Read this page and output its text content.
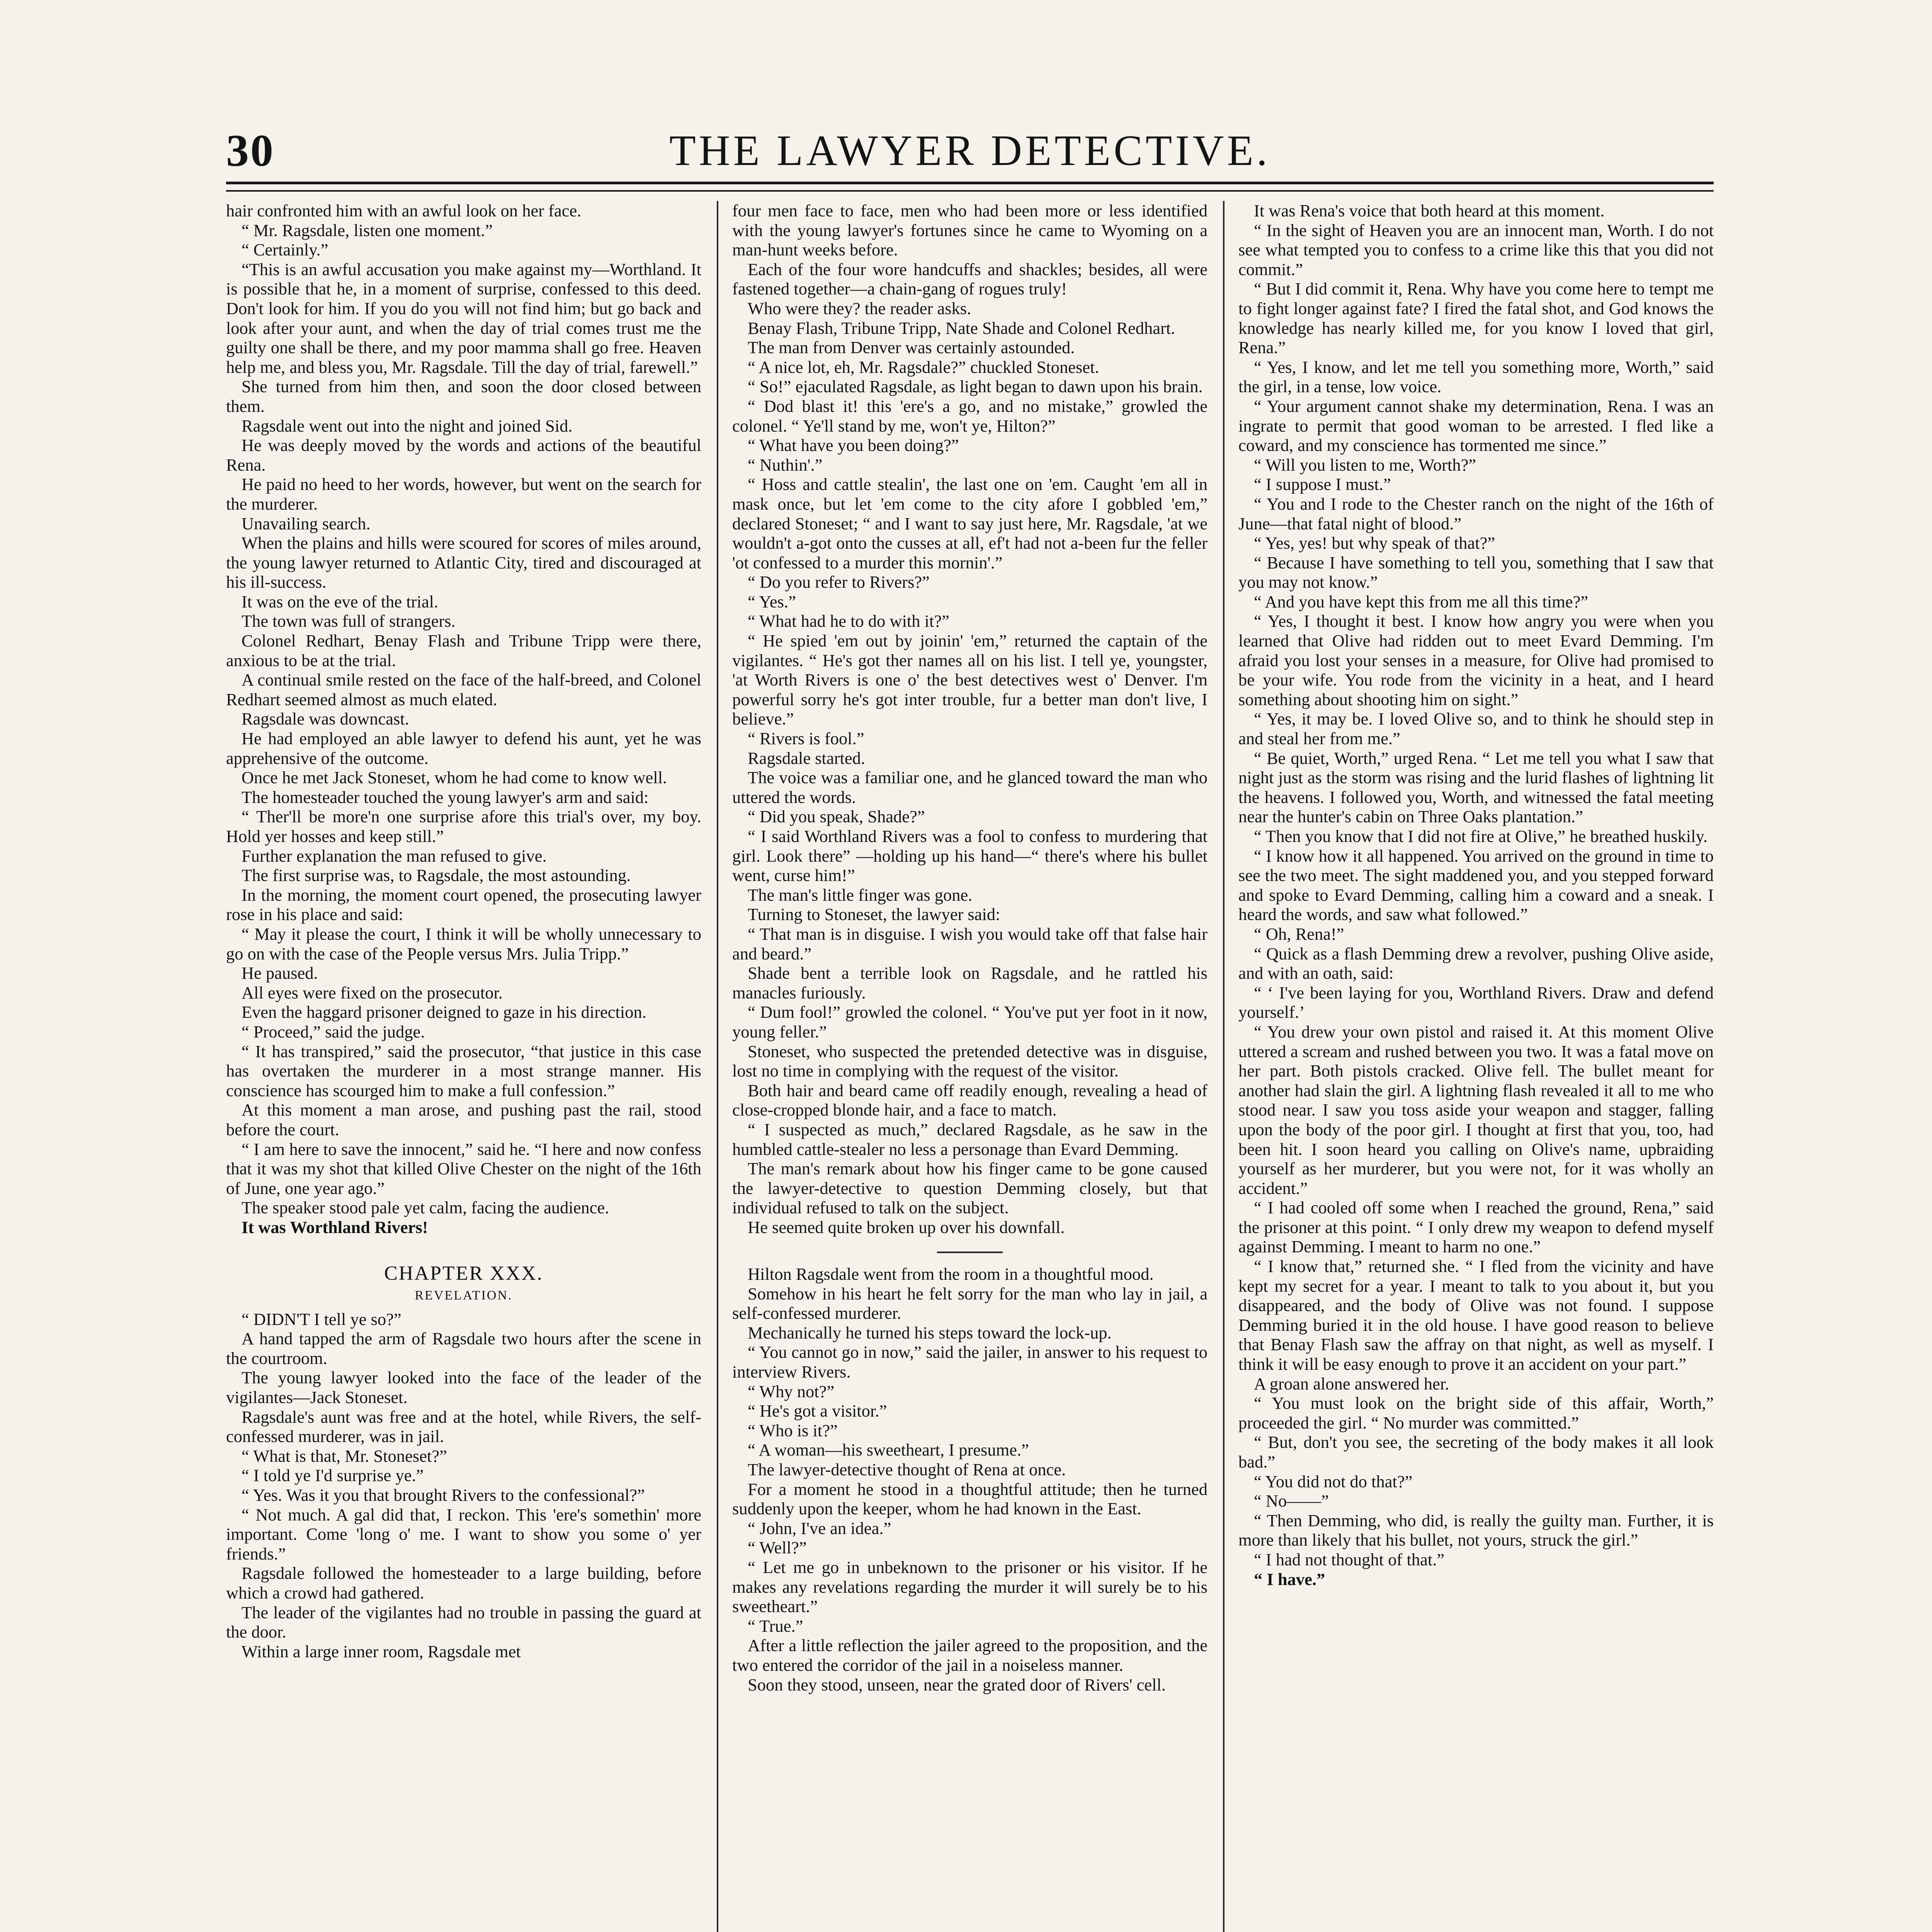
30	THE LAWYER DETECTIVE.

hair confronted him with an awful look on her face.

“ Mr. Ragsdale, listen one moment.”

“ Certainly.”

“This is an awful accusation you make against my—Worthland. It is possible that he, in a moment of surprise, confessed to this deed. Don't look for him. If you do you will not find him; but go back and look after your aunt, and when the day of trial comes trust me the guilty one shall be there, and my poor mamma shall go free. Heaven help me, and bless you, Mr. Ragsdale. Till the day of trial, farewell.”

She turned from him then, and soon the door closed between them.

Ragsdale went out into the night and joined Sid.

He was deeply moved by the words and actions of the beautiful Rena.

He paid no heed to her words, however, but went on the search for the murderer.

Unavailing search.

When the plains and hills were scoured for scores of miles around, the young lawyer returned to Atlantic City, tired and discouraged at his ill-success.

It was on the eve of the trial.

The town was full of strangers.

Colonel Redhart, Benay Flash and Tribune Tripp were there, anxious to be at the trial.

A continual smile rested on the face of the half-breed, and Colonel Redhart seemed almost as much elated.

Ragsdale was downcast.

He had employed an able lawyer to defend his aunt, yet he was apprehensive of the outcome.

Once he met Jack Stoneset, whom he had come to know well.

The homesteader touched the young lawyer's arm and said:

“ Ther'll be more'n one surprise afore this trial's over, my boy. Hold yer hosses and keep still.”

Further explanation the man refused to give.

The first surprise was, to Ragsdale, the most astounding.

In the morning, the moment court opened, the prosecuting lawyer rose in his place and said:

“ May it please the court, I think it will be wholly unnecessary to go on with the case of the People versus Mrs. Julia Tripp.”

He paused.

All eyes were fixed on the prosecutor.

Even the haggard prisoner deigned to gaze in his direction.

“ Proceed,” said the judge.

“ It has transpired,” said the prosecutor, “that justice in this case has overtaken the murderer in a most strange manner. His conscience has scourged him to make a full confession.”

At this moment a man arose, and pushing past the rail, stood before the court.

“ I am here to save the innocent,” said he. “I here and now confess that it was my shot that killed Olive Chester on the night of the 16th of June, one year ago.”

The speaker stood pale yet calm, facing the audience.

It was Worthland Rivers!

CHAPTER XXX.

REVELATION.

“ DIDN'T I tell ye so?”

A hand tapped the arm of Ragsdale two hours after the scene in the courtroom.

The young lawyer looked into the face of the leader of the vigilantes—Jack Stoneset.

Ragsdale's aunt was free and at the hotel, while Rivers, the self-confessed murderer, was in jail.

“ What is that, Mr. Stoneset?”

“ I told ye I'd surprise ye.”

“ Yes. Was it you that brought Rivers to the confessional?”

“ Not much. A gal did that, I reckon. This 'ere's somethin' more important. Come 'long o' me. I want to show you some o' yer friends.”

Ragsdale followed the homesteader to a large building, before which a crowd had gathered.

The leader of the vigilantes had no trouble in passing the guard at the door.

Within a large inner room, Ragsdale met

four men face to face, men who had been more or less identified with the young lawyer's fortunes since he came to Wyoming on a man-hunt weeks before.

Each of the four wore handcuffs and shackles; besides, all were fastened together—a chain-gang of rogues truly!

Who were they? the reader asks.

Benay Flash, Tribune Tripp, Nate Shade and Colonel Redhart.

The man from Denver was certainly astounded.

“ A nice lot, eh, Mr. Ragsdale?” chuckled Stoneset.

“ So!” ejaculated Ragsdale, as light began to dawn upon his brain.

“ Dod blast it! this 'ere's a go, and no mistake,” growled the colonel. “ Ye'll stand by me, won't ye, Hilton?”

“ What have you been doing?”

“ Nuthin'.”

“ Hoss and cattle stealin', the last one on 'em. Caught 'em all in mask once, but let 'em come to the city afore I gobbled 'em,” declared Stoneset; “ and I want to say just here, Mr. Ragsdale, 'at we wouldn't a-got onto the cusses at all, ef't had not a-been fur the feller 'ot confessed to a murder this mornin'.”

“ Do you refer to Rivers?”

“ Yes.”

“ What had he to do with it?”

“ He spied 'em out by joinin' 'em,” returned the captain of the vigilantes. “ He's got ther names all on his list. I tell ye, youngster, 'at Worth Rivers is one o' the best detectives west o' Denver. I'm powerful sorry he's got inter trouble, fur a better man don't live, I believe.”

“ Rivers is fool.”

Ragsdale started.

The voice was a familiar one, and he glanced toward the man who uttered the words.

“ Did you speak, Shade?”

“ I said Worthland Rivers was a fool to confess to murdering that girl. Look there” —holding up his hand—“ there's where his bullet went, curse him!”

The man's little finger was gone.

Turning to Stoneset, the lawyer said:

“ That man is in disguise. I wish you would take off that false hair and beard.”

Shade bent a terrible look on Ragsdale, and he rattled his manacles furiously.

“ Dum fool!” growled the colonel. “ You've put yer foot in it now, young feller.”

Stoneset, who suspected the pretended detective was in disguise, lost no time in complying with the request of the visitor.

Both hair and beard came off readily enough, revealing a head of close-cropped blonde hair, and a face to match.

“ I suspected as much,” declared Ragsdale, as he saw in the humbled cattle-stealer no less a personage than Evard Demming.

The man's remark about how his finger came to be gone caused the lawyer-detective to question Demming closely, but that individual refused to talk on the subject.

He seemed quite broken up over his downfall.

Hilton Ragsdale went from the room in a thoughtful mood.

Somehow in his heart he felt sorry for the man who lay in jail, a self-confessed murderer.

Mechanically he turned his steps toward the lock-up.

“ You cannot go in now,” said the jailer, in answer to his request to interview Rivers.

“ Why not?”

“ He's got a visitor.”

“ Who is it?”

“ A woman—his sweetheart, I presume.”

The lawyer-detective thought of Rena at once.

For a moment he stood in a thoughtful attitude; then he turned suddenly upon the keeper, whom he had known in the East.

“ John, I've an idea.”

“ Well?”

“ Let me go in unbeknown to the prisoner or his visitor. If he makes any revelations regarding the murder it will surely be to his sweetheart.”

“ True.”

After a little reflection the jailer agreed to the proposition, and the two entered the corridor of the jail in a noiseless manner.

Soon they stood, unseen, near the grated door of Rivers' cell.

It was Rena's voice that both heard at this moment.

“ In the sight of Heaven you are an innocent man, Worth. I do not see what tempted you to confess to a crime like this that you did not commit.”

“ But I did commit it, Rena. Why have you come here to tempt me to fight longer against fate? I fired the fatal shot, and God knows the knowledge has nearly killed me, for you know I loved that girl, Rena.”

“ Yes, I know, and let me tell you something more, Worth,” said the girl, in a tense, low voice.

“ Your argument cannot shake my determination, Rena. I was an ingrate to permit that good woman to be arrested. I fled like a coward, and my conscience has tormented me since.”

“ Will you listen to me, Worth?”

“ I suppose I must.”

“ You and I rode to the Chester ranch on the night of the 16th of June—that fatal night of blood.”

“ Yes, yes! but why speak of that?”

“ Because I have something to tell you, something that I saw that you may not know.”

“ And you have kept this from me all this time?”

“ Yes, I thought it best. I know how angry you were when you learned that Olive had ridden out to meet Evard Demming. I'm afraid you lost your senses in a measure, for Olive had promised to be your wife. You rode from the vicinity in a heat, and I heard something about shooting him on sight.”

“ Yes, it may be. I loved Olive so, and to think he should step in and steal her from me.”

“ Be quiet, Worth,” urged Rena. “ Let me tell you what I saw that night just as the storm was rising and the lurid flashes of lightning lit the heavens. I followed you, Worth, and witnessed the fatal meeting near the hunter's cabin on Three Oaks plantation.”

“ Then you know that I did not fire at Olive,” he breathed huskily.

“ I know how it all happened. You arrived on the ground in time to see the two meet. The sight maddened you, and you stepped forward and spoke to Evard Demming, calling him a coward and a sneak. I heard the words, and saw what followed.”

“ Oh, Rena!”

“ Quick as a flash Demming drew a revolver, pushing Olive aside, and with an oath, said:

“ ‘ I've been laying for you, Worthland Rivers. Draw and defend yourself.’

“ You drew your own pistol and raised it. At this moment Olive uttered a scream and rushed between you two. It was a fatal move on her part. Both pistols cracked. Olive fell. The bullet meant for another had slain the girl. A lightning flash revealed it all to me who stood near. I saw you toss aside your weapon and stagger, falling upon the body of the poor girl. I thought at first that you, too, had been hit. I soon heard you calling on Olive's name, upbraiding yourself as her murderer, but you were not, for it was wholly an accident.”

“ I had cooled off some when I reached the ground, Rena,” said the prisoner at this point. “ I only drew my weapon to defend myself against Demming. I meant to harm no one.”

“ I know that,” returned she. “ I fled from the vicinity and have kept my secret for a year. I meant to talk to you about it, but you disappeared, and the body of Olive was not found. I suppose Demming buried it in the old house. I have good reason to believe that Benay Flash saw the affray on that night, as well as myself. I think it will be easy enough to prove it an accident on your part.”

A groan alone answered her.

“ You must look on the bright side of this affair, Worth,” proceeded the girl. “ No murder was committed.”

“ But, don't you see, the secreting of the body makes it all look bad.”

“ You did not do that?”

“ No——”

“ Then Demming, who did, is really the guilty man. Further, it is more than likely that his bullet, not yours, struck the girl.”

“ I had not thought of that.”

“ I have.”
